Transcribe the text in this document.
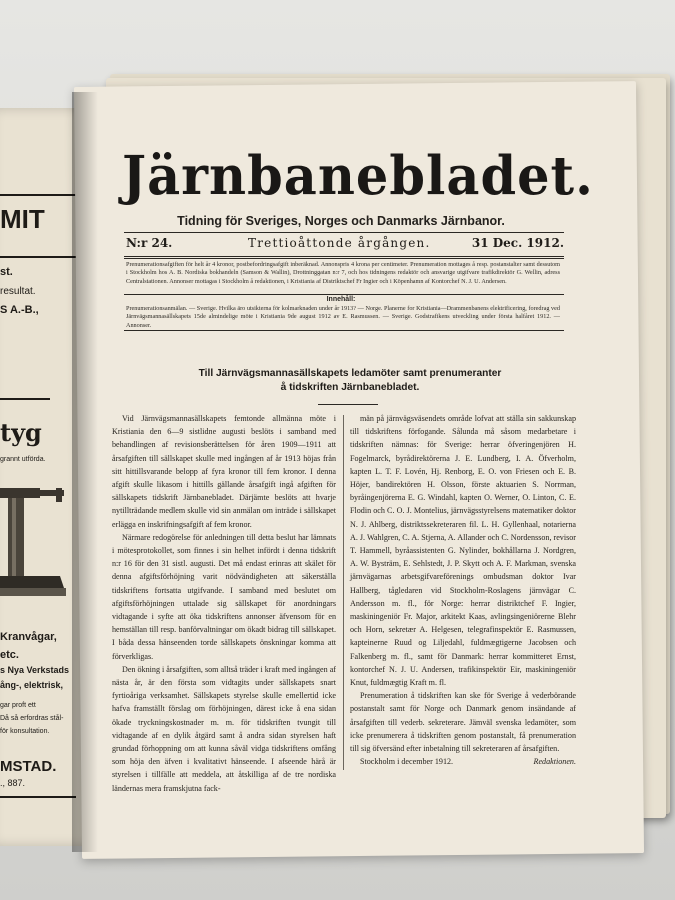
MIT
st.
resultat.
S A.-B.,
tyg
grannt utförda.
Kranvågar,
etc.
s Nya Verkstads
ång-, elektrisk,
gar proft ett
Då så erfordras stål-
för konsultation.
MSTAD.
., 887.
Järnbanebladet.
Tidning för Sveriges, Norges och Danmarks Järnbanor.
N:r 24.	Trettioåttonde årgången.	31 Dec. 1912.
Prenumerationsafgiften för helt år 4 kronor, postbefordringsafgift inberäknad. Annonspris 4 krona per centimeter. Prenumeration mottages å resp. postanstalter samt dessutom i Stockholm hos A. B. Nordiska bokhandeln (Samson & Wallin), Drottninggatan n:r 7, och hos tidningens redaktör och ansvarige utgifvare trafikdirektör G. Wellin, adress Centralstationen. Annonser mottagas i Stockholm å redaktionen, i Kristiania af Distriktschef Fr Ingier och i Köpenhamn af Kontorchef N. J. U. Andersen.
Innehåll:
Prenumerationsanmälan. — Sverige. Hvilka äro utsikterna för kolmarknaden under år 1913? — Norge. Planerne for Kristiania—Drammenbanens elektrificering, foredrag ved Järnvägsmannasällskapets 15de almindelige möte i Kristiania 9de august 1912 av E. Rasmussen. — Sverige. Godstrafikens utveckling under första halfåret 1912. — Annonser.
Till Järnvägsmannasällskapets ledamöter samt prenumeranter
å tidskriften Järnbanebladet.

Vid Järnvägsmannasällskapets femtonde allmänna möte i Kristiania den 6—9 sistlidne augusti beslöts i samband med behandlingen af revisionsberättelsen för åren 1909—1911 att årsafgiften till sällskapet skulle med ingången af år 1913 höjas från sitt hittillsvarande belopp af fyra kronor till fem kronor. I denna afgift skulle likasom i hittills gällande årsafgift ingå afgiften för sällskapets tidskrift Järnbanebladet. Därjämte beslöts att hvarje nytillträdande medlem skulle vid sin anmälan om inträde i sällskapet erlägga en inskrifningsafgift af fem kronor.

Närmare redogörelse för anledningen till detta beslut har lämnats i mötesprotokollet, som finnes i sin helhet infördt i denna tidskrift n:r 16 för den 31 sistl. augusti. Det må endast erinras att skälet för denna afgiftsförhöjning varit nödvändigheten att säkerställa tidskriftens fortsatta utgifvande. I samband med beslutet om afgiftsförhöjningen uttalade sig sällskapet för anordningars vidtagande i syfte att öka tidskriftens annonser äfvensom för en hemställan till resp. banförvaltningar om ökadt bidrag till sällskapet. I båda dessa hänseenden torde sällskapets önskningar komma att förverkligas.

Den ökning i årsafgiften, som alltså träder i kraft med ingången af nästa år, är den första som vidtagits under sällskapets snart fyrtioåriga verksamhet. Sällskapets styrelse skulle emellertid icke hafva framställt förslag om förhöjningen, därest icke å ena sidan ökade tryckningskostnader m. m. för tidskriften tvungit till vidtagande af en dylik åtgärd samt å andra sidan styrelsen haft grundad förhoppning om att kunna såväl vidga tidskriftens omfång som höja den äfven i kvalitativt hänseende. I afseende härå är styrelsen i tillfälle att meddela, att åtskilliga af de tre nordiska ländernas mera framskjutna fack-

män på järnvägsväsendets område lofvat att ställa sin sakkunskap till tidskriftens förfogande. Sålunda må såsom medarbetare i tidskriften nämnas: för Sverige: herrar öfveringenjören H. Fogelmarck, byrådirektörerna J. E. Lundberg, I. A. Öfverholm, kapten L. T. F. Lovén, Hj. Renborg, E. O. von Friesen och E. B. Höjer, bandirektören H. Olsson, förste aktuarien S. Norrman, byråingenjörerna E. G. Windahl, kapten O. Werner, O. Linton, C. E. Flodin och C. O. J. Montelius, järnvägsstyrelsens matematiker doktor N. J. Ahlberg, distriktssekreteraren fil. L. H. Gyllenhaal, notarierna A. J. Wahlgren, C. A. Stjerna, A. Allander och C. Nordensson, revisor T. Hammell, byråassistenten G. Nylinder, bokhållarna J. Nordgren, A. W. Bysträm, E. Sehlstedt, J. P. Skytt och A. F. Markman, svenska järnvägarnas arbetsgifvareförenings ombudsman doktor Ivar Hallberg, tågledaren vid Stockholm-Roslagens järnvägar C. Andersson m. fl., för Norge: herrar distriktchef F. Ingier, maskiningeniör Fr. Major, arkitekt Kaas, avlingsingeniörerne Blehr och Horn, sekretær A. Helgesen, telegrafinspektör E. Rasmussen, kapteinerne Ruud og Liljedahl, fuldmægtigerne Jacobsen och Falkenberg m. fl., samt för Danmark: herrar kommitteret Ernst, kontorchef N. J. U. Andersen, trafikinspektör Eir, maskiningeniör Knut, fuldmægtig Kraft m. fl.

Prenumeration å tidskriften kan ske för Sverige å vederbörande postanstalt samt för Norge och Danmark genom insändande af årsafgiften till vederb. sekreterare. Jämväl svenska ledamöter, som icke prenumerera å tidskriften genom postanstalt, få prenumeration till sig öfversänd efter inbetalning till sekreteraren af årsafgiften.

Stockholm i december 1912.	Redaktionen.
